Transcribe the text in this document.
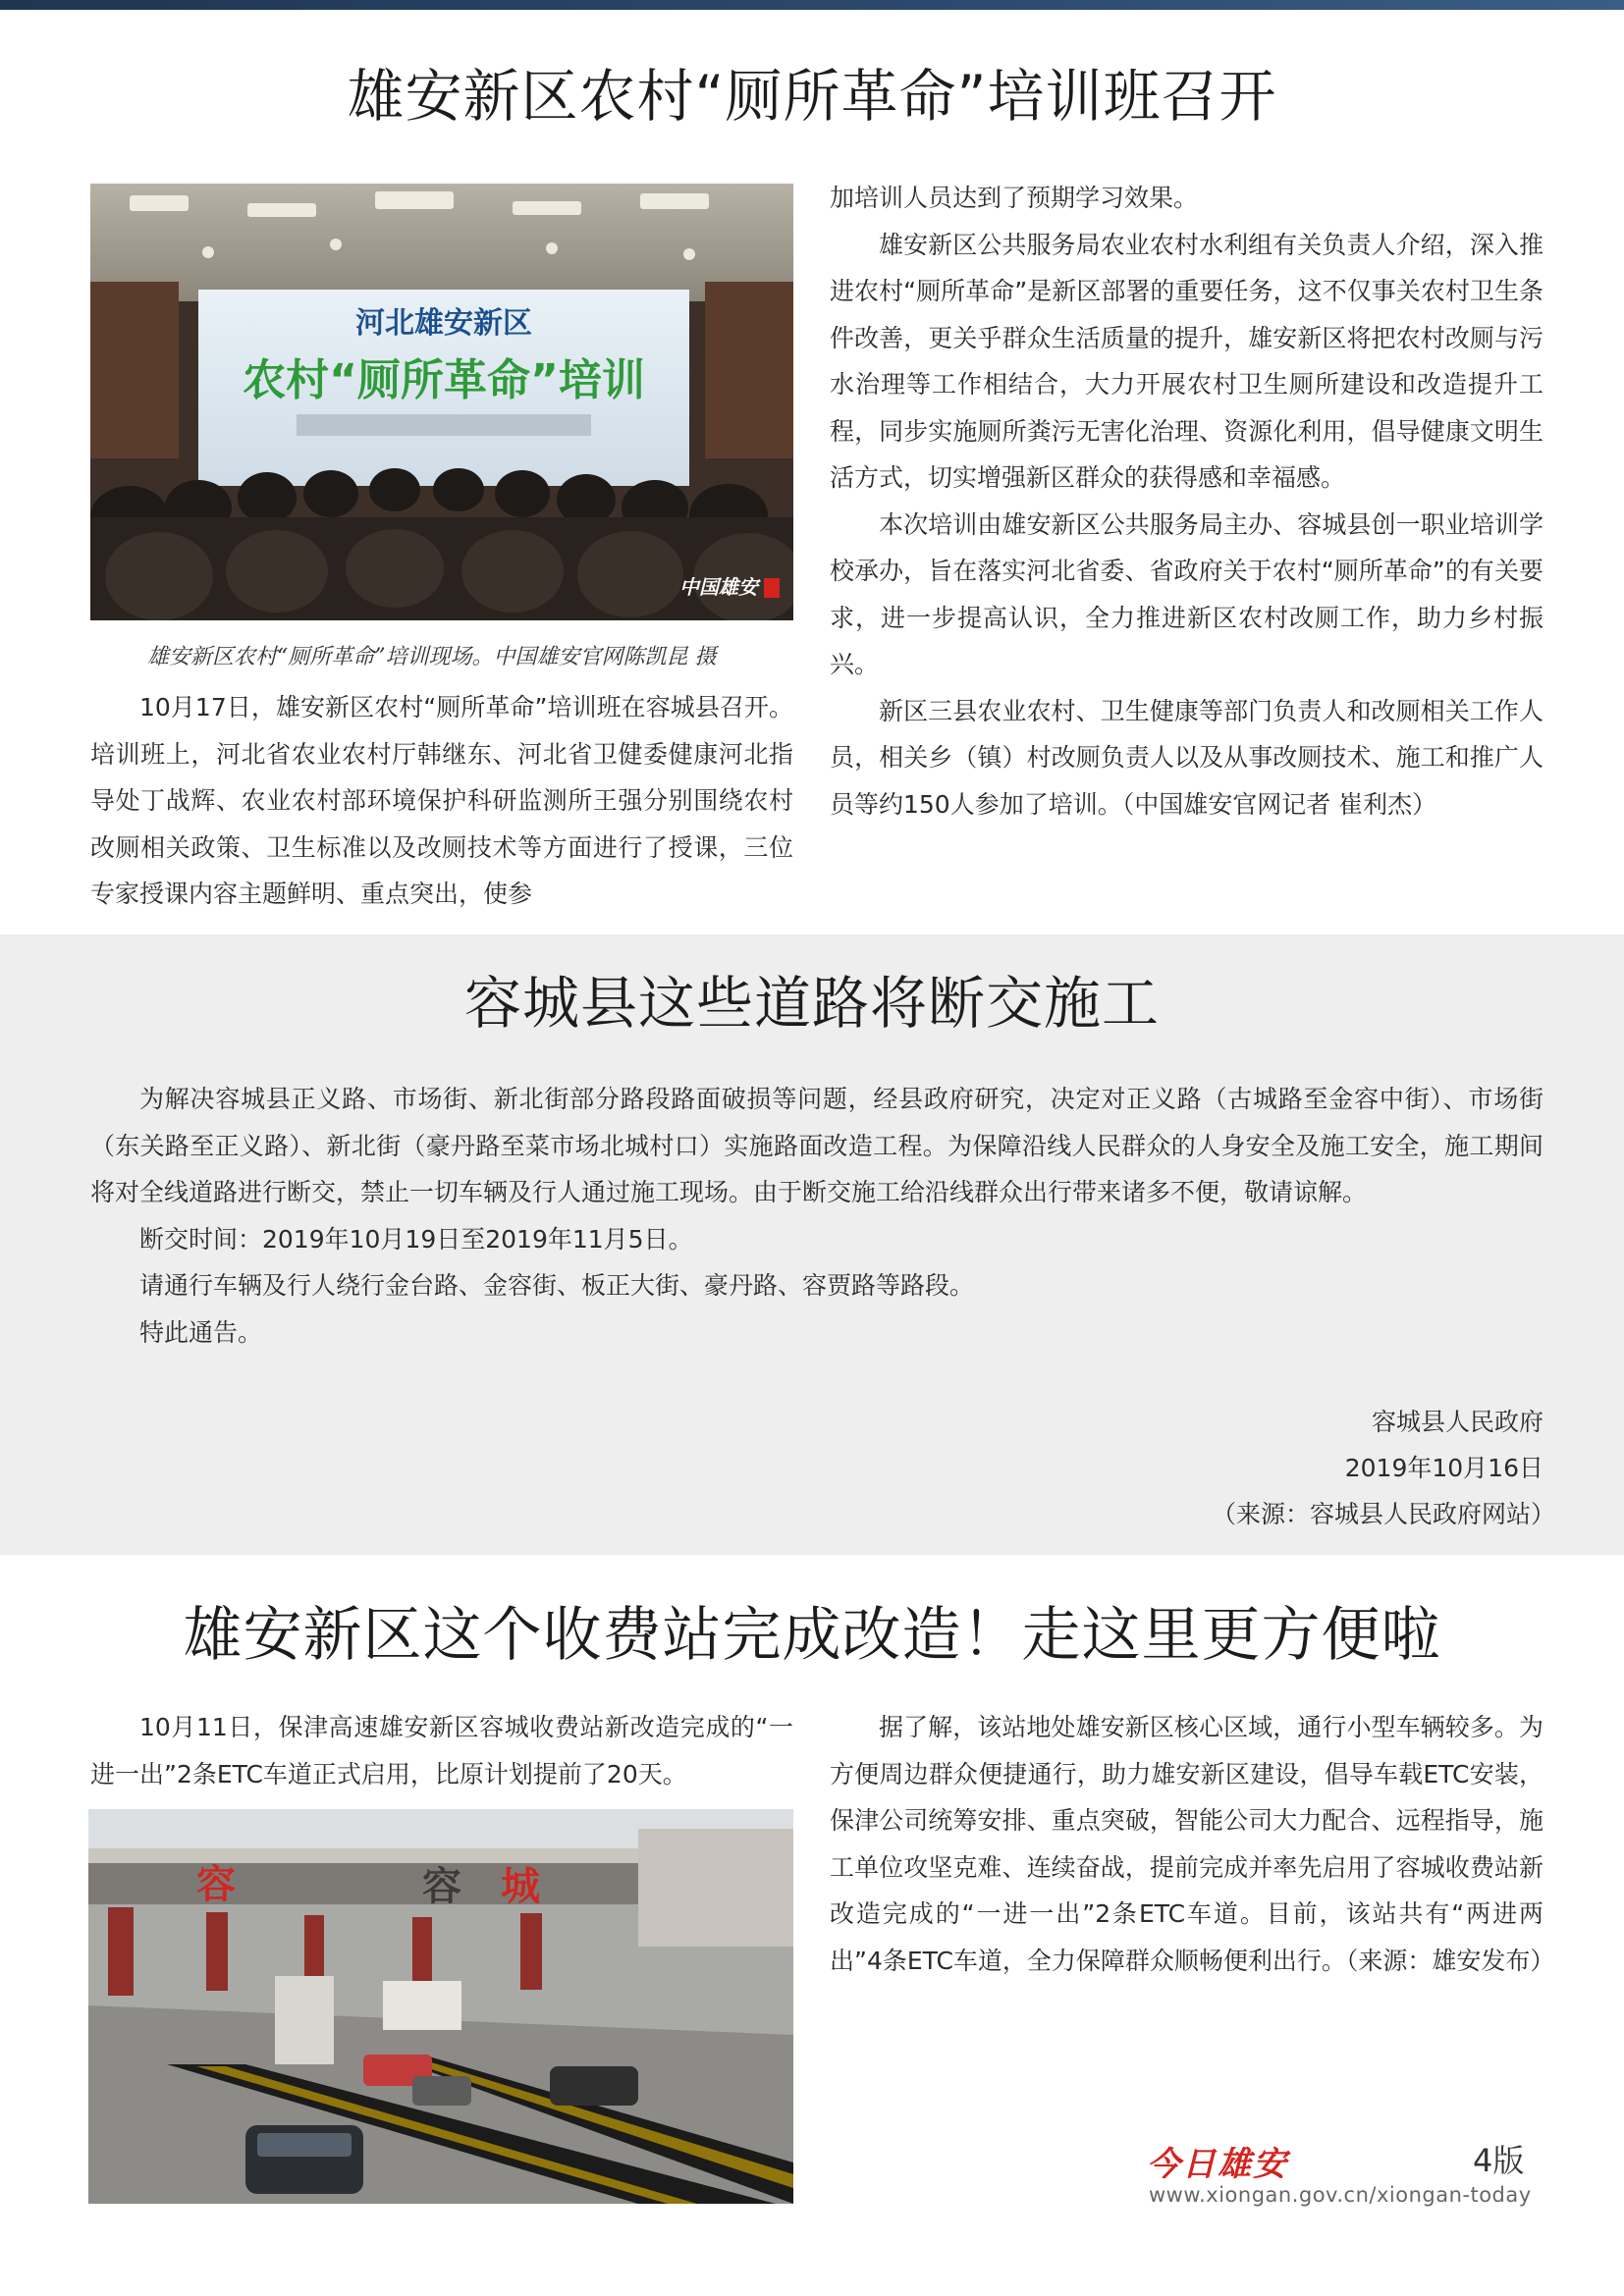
雄安新区农村“厕所革命”培训班召开
河北雄安新区
农村“厕所革命”培训
中国雄安
雄安新区农村“厕所革命”培训现场。中国雄安官网陈凯昆 摄

10月17日，雄安新区农村“厕所革命”培训班在容城县召开。培训班上，河北省农业农村厅韩继东、河北省卫健委健康河北指导处丁战辉、农业农村部环境保护科研监测所王强分别围绕农村改厕相关政策、卫生标准以及改厕技术等方面进行了授课，三位专家授课内容主题鲜明、重点突出，使参

加培训人员达到了预期学习效果。

雄安新区公共服务局农业农村水利组有关负责人介绍，深入推进农村“厕所革命”是新区部署的重要任务，这不仅事关农村卫生条件改善，更关乎群众生活质量的提升，雄安新区将把农村改厕与污水治理等工作相结合，大力开展农村卫生厕所建设和改造提升工程，同步实施厕所粪污无害化治理、资源化利用，倡导健康文明生活方式，切实增强新区群众的获得感和幸福感。

本次培训由雄安新区公共服务局主办、容城县创一职业培训学校承办，旨在落实河北省委、省政府关于农村“厕所革命”的有关要求，进一步提高认识，全力推进新区农村改厕工作，助力乡村振兴。

新区三县农业农村、卫生健康等部门负责人和改厕相关工作人员，相关乡（镇）村改厕负责人以及从事改厕技术、施工和推广人员等约150人参加了培训。（中国雄安官网记者 崔利杰）

容城县这些道路将断交施工

为解决容城县正义路、市场街、新北街部分路段路面破损等问题，经县政府研究，决定对正义路（古城路至金容中街）、市场街（东关路至正义路）、新北街（豪丹路至菜市场北城村口）实施路面改造工程。为保障沿线人民群众的人身安全及施工安全，施工期间将对全线道路进行断交，禁止一切车辆及行人通过施工现场。由于断交施工给沿线群众出行带来诸多不便，敬请谅解。

断交时间：2019年10月19日至2019年11月5日。

请通行车辆及行人绕行金台路、金容街、板正大街、豪丹路、容贾路等路段。

特此通告。

容城县人民政府
2019年10月16日
（来源：容城县人民政府网站）
雄安新区这个收费站完成改造！走这里更方便啦

10月11日，保津高速雄安新区容城收费站新改造完成的“一进一出”2条ETC车道正式启用，比原计划提前了20天。

容	容 城

据了解，该站地处雄安新区核心区域，通行小型车辆较多。为方便周边群众便捷通行，助力雄安新区建设，倡导车载ETC安装，保津公司统筹安排、重点突破，智能公司大力配合、远程指导，施工单位攻坚克难、连续奋战，提前完成并率先启用了容城收费站新改造完成的“一进一出”2条ETC车道。目前，该站共有“两进两出”4条ETC车道，全力保障群众顺畅便利出行。（来源：雄安发布）

今日雄安	4版
www.xiongan.gov.cn/xiongan-today
